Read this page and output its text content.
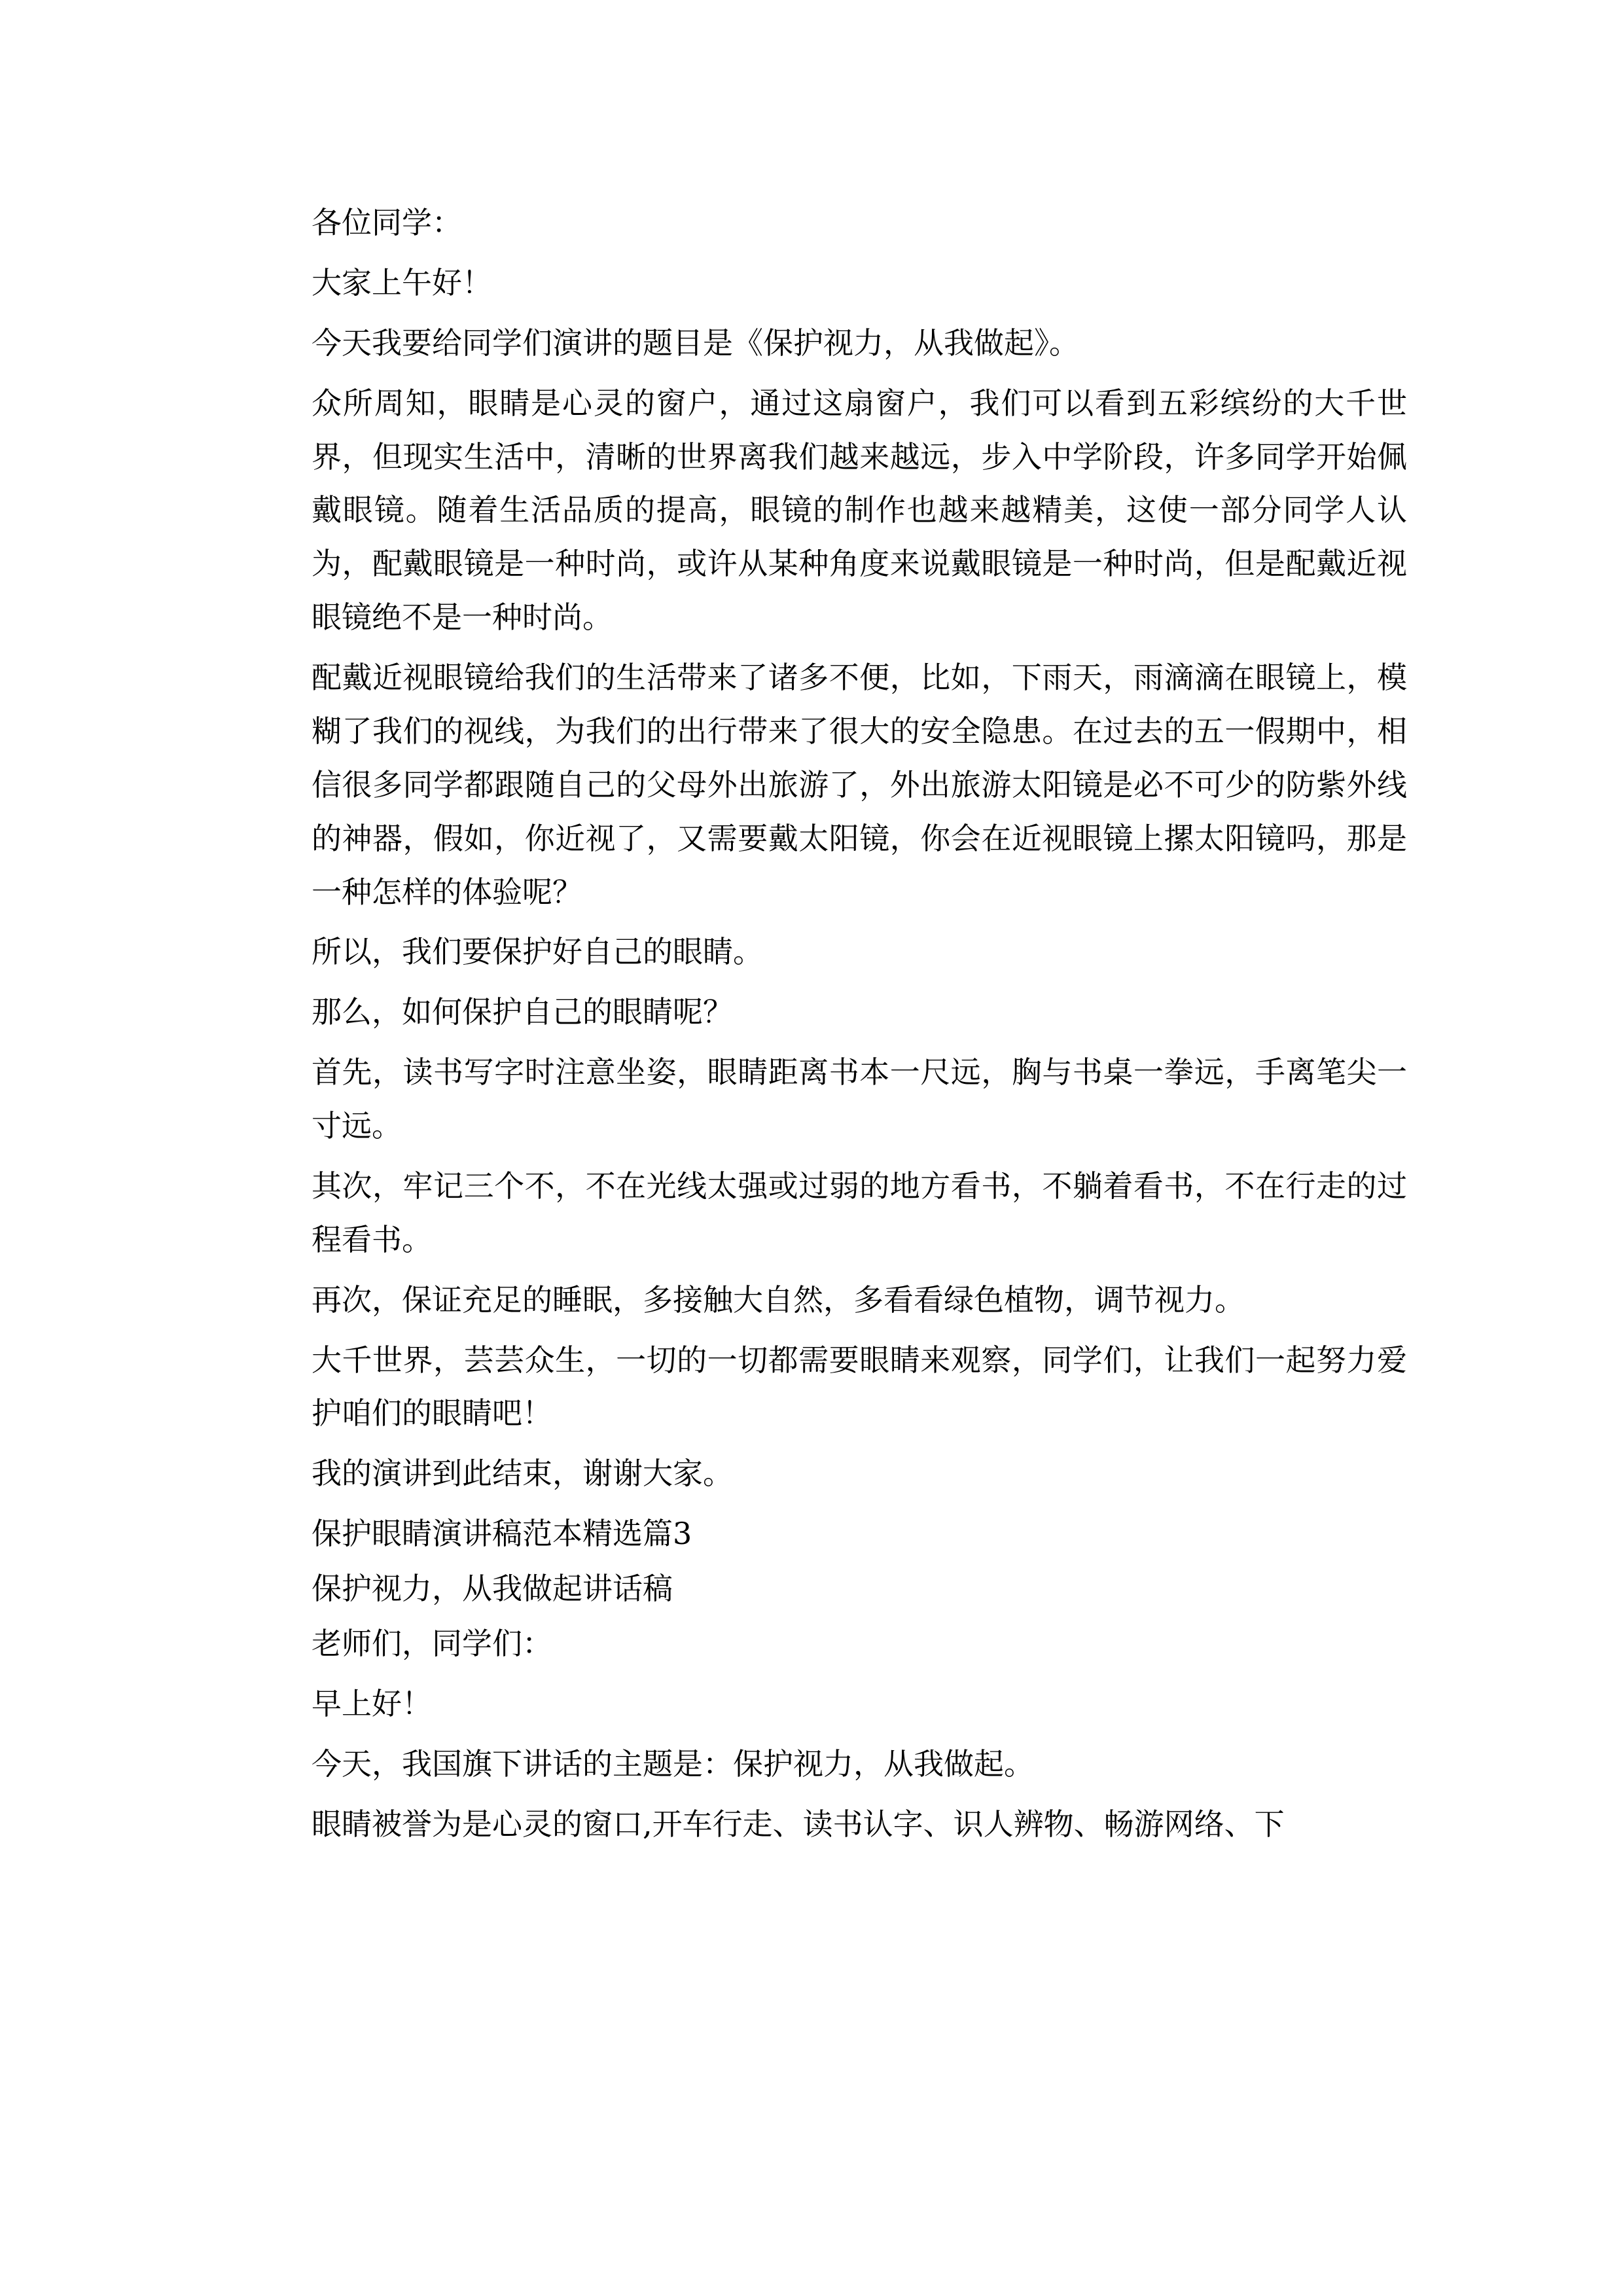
各位同学：

大家上午好！

今天我要给同学们演讲的题目是《保护视力，从我做起》。

众所周知，眼睛是心灵的窗户，通过这扇窗户，我们可以看到五彩缤纷的大千世界，但现实生活中，清晰的世界离我们越来越远，步入中学阶段，许多同学开始佩戴眼镜。随着生活品质的提高，眼镜的制作也越来越精美，这使一部分同学人认为，配戴眼镜是一种时尚，或许从某种角度来说戴眼镜是一种时尚，但是配戴近视眼镜绝不是一种时尚。

配戴近视眼镜给我们的生活带来了诸多不便，比如，下雨天，雨滴滴在眼镜上，模糊了我们的视线，为我们的出行带来了很大的安全隐患。在过去的五一假期中，相信很多同学都跟随自己的父母外出旅游了，外出旅游太阳镜是必不可少的防紫外线的神器，假如，你近视了，又需要戴太阳镜，你会在近视眼镜上摞太阳镜吗，那是一种怎样的体验呢？

所以，我们要保护好自己的眼睛。

那么，如何保护自己的眼睛呢？

首先，读书写字时注意坐姿，眼睛距离书本一尺远，胸与书桌一拳远，手离笔尖一寸远。

其次，牢记三个不，不在光线太强或过弱的地方看书，不躺着看书，不在行走的过程看书。

再次，保证充足的睡眠，多接触大自然，多看看绿色植物，调节视力。

大千世界，芸芸众生，一切的一切都需要眼睛来观察，同学们，让我们一起努力爱护咱们的眼睛吧！

我的演讲到此结束，谢谢大家。

保护眼睛演讲稿范本精选篇3

保护视力，从我做起讲话稿

老师们，同学们：

早上好！

今天，我国旗下讲话的主题是：保护视力，从我做起。

眼睛被誉为是心灵的窗口,开车行走、读书认字、识人辨物、畅游网络、下
